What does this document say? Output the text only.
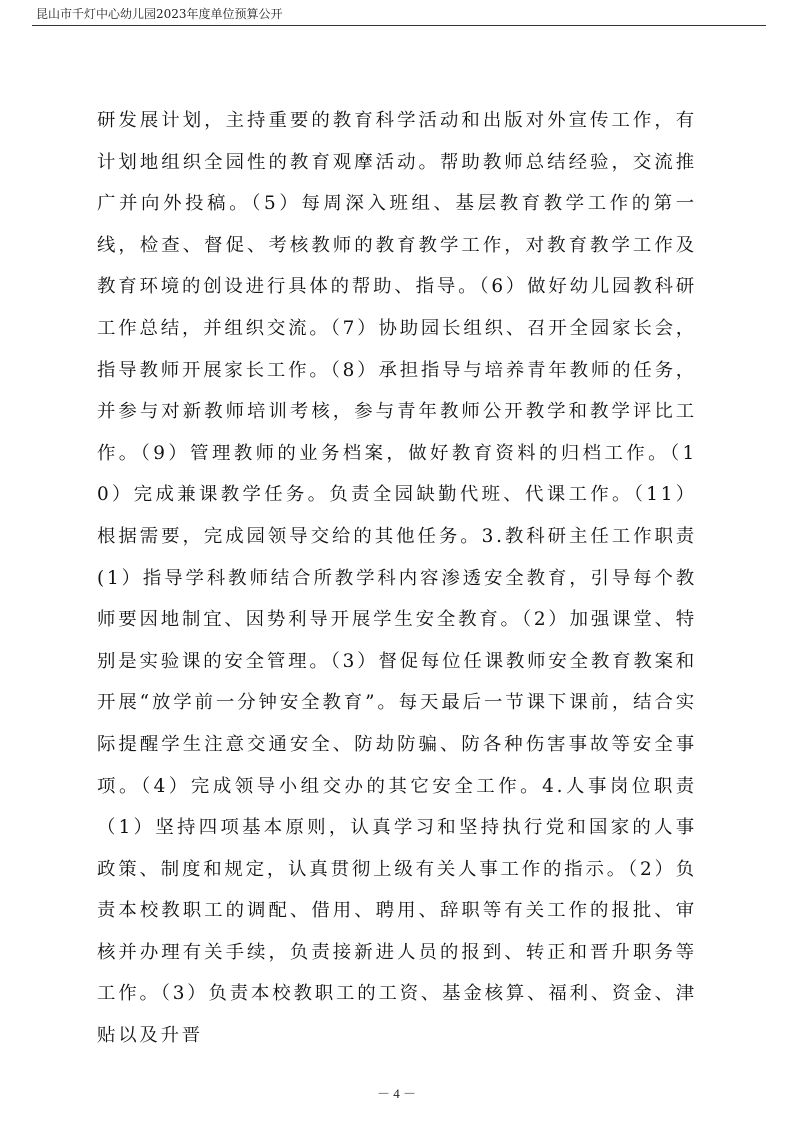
昆山市千灯中心幼儿园2023年度单位预算公开
研发展计划，主持重要的教育科学活动和出版对外宣传工作，有计划地组织全园性的教育观摩活动。帮助教师总结经验，交流推广并向外投稿。（5）每周深入班组、基层教育教学工作的第一线，检查、督促、考核教师的教育教学工作，对教育教学工作及教育环境的创设进行具体的帮助、指导。（6）做好幼儿园教科研工作总结，并组织交流。（7）协助园长组织、召开全园家长会，指导教师开展家长工作。（8）承担指导与培养青年教师的任务，并参与对新教师培训考核，参与青年教师公开教学和教学评比工作。（9）管理教师的业务档案，做好教育资料的归档工作。（10）完成兼课教学任务。负责全园缺勤代班、代课工作。（11）根据需要，完成园领导交给的其他任务。3.教科研主任工作职责(1）指导学科教师结合所教学科内容渗透安全教育，引导每个教师要因地制宜、因势利导开展学生安全教育。（2）加强课堂、特别是实验课的安全管理。（3）督促每位任课教师安全教育教案和开展“放学前一分钟安全教育”。每天最后一节课下课前，结合实际提醒学生注意交通安全、防劫防骗、防各种伤害事故等安全事项。（4）完成领导小组交办的其它安全工作。4.人事岗位职责（1）坚持四项基本原则，认真学习和坚持执行党和国家的人事政策、制度和规定，认真贯彻上级有关人事工作的指示。（2）负责本校教职工的调配、借用、聘用、辞职等有关工作的报批、审核并办理有关手续，负责接新进人员的报到、转正和晋升职务等工作。（3）负责本校教职工的工资、基金核算、福利、资金、津贴以及升晋
－ 4 －
